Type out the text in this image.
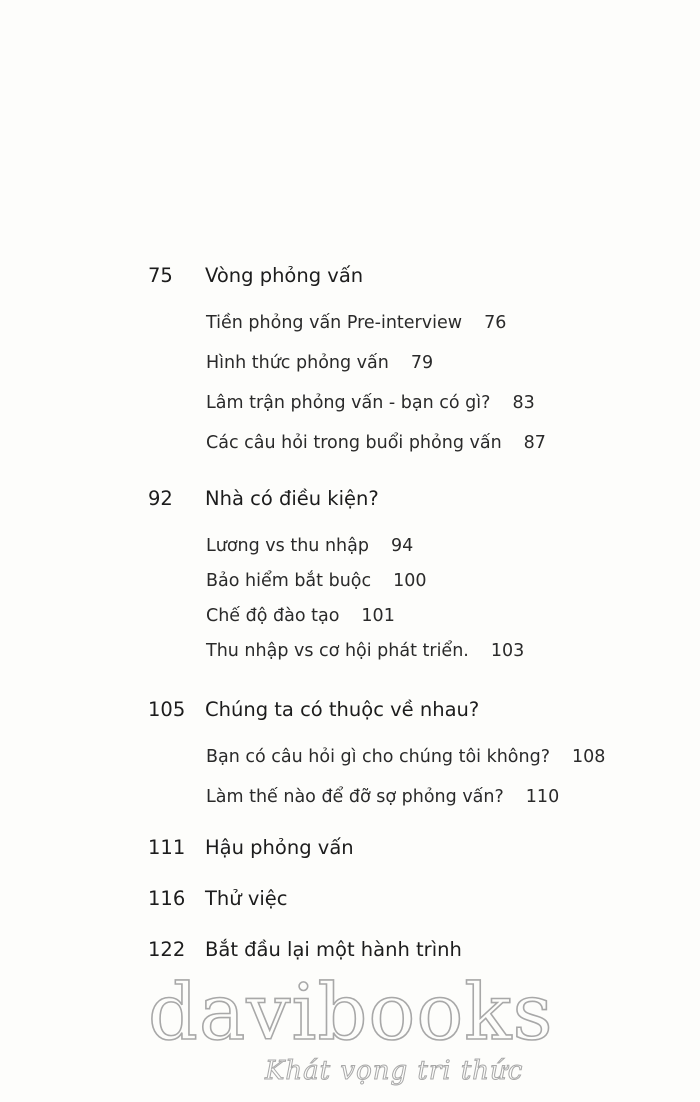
75 Vòng phỏng vấn
Tiền phỏng vấn Pre-interview 76
Hình thức phỏng vấn 79
Lâm trận phỏng vấn - bạn có gì? 83
Các câu hỏi trong buổi phỏng vấn 87
92 Nhà có điều kiện?
Lương vs thu nhập 94
Bảo hiểm bắt buộc 100
Chế độ đào tạo 101
Thu nhập vs cơ hội phát triển. 103
105 Chúng ta có thuộc về nhau?
Bạn có câu hỏi gì cho chúng tôi không? 108
Làm thế nào để đỡ sợ phỏng vấn? 110
111 Hậu phỏng vấn
116 Thử việc
122 Bắt đầu lại một hành trình
davibooks
Khát vọng tri thức
